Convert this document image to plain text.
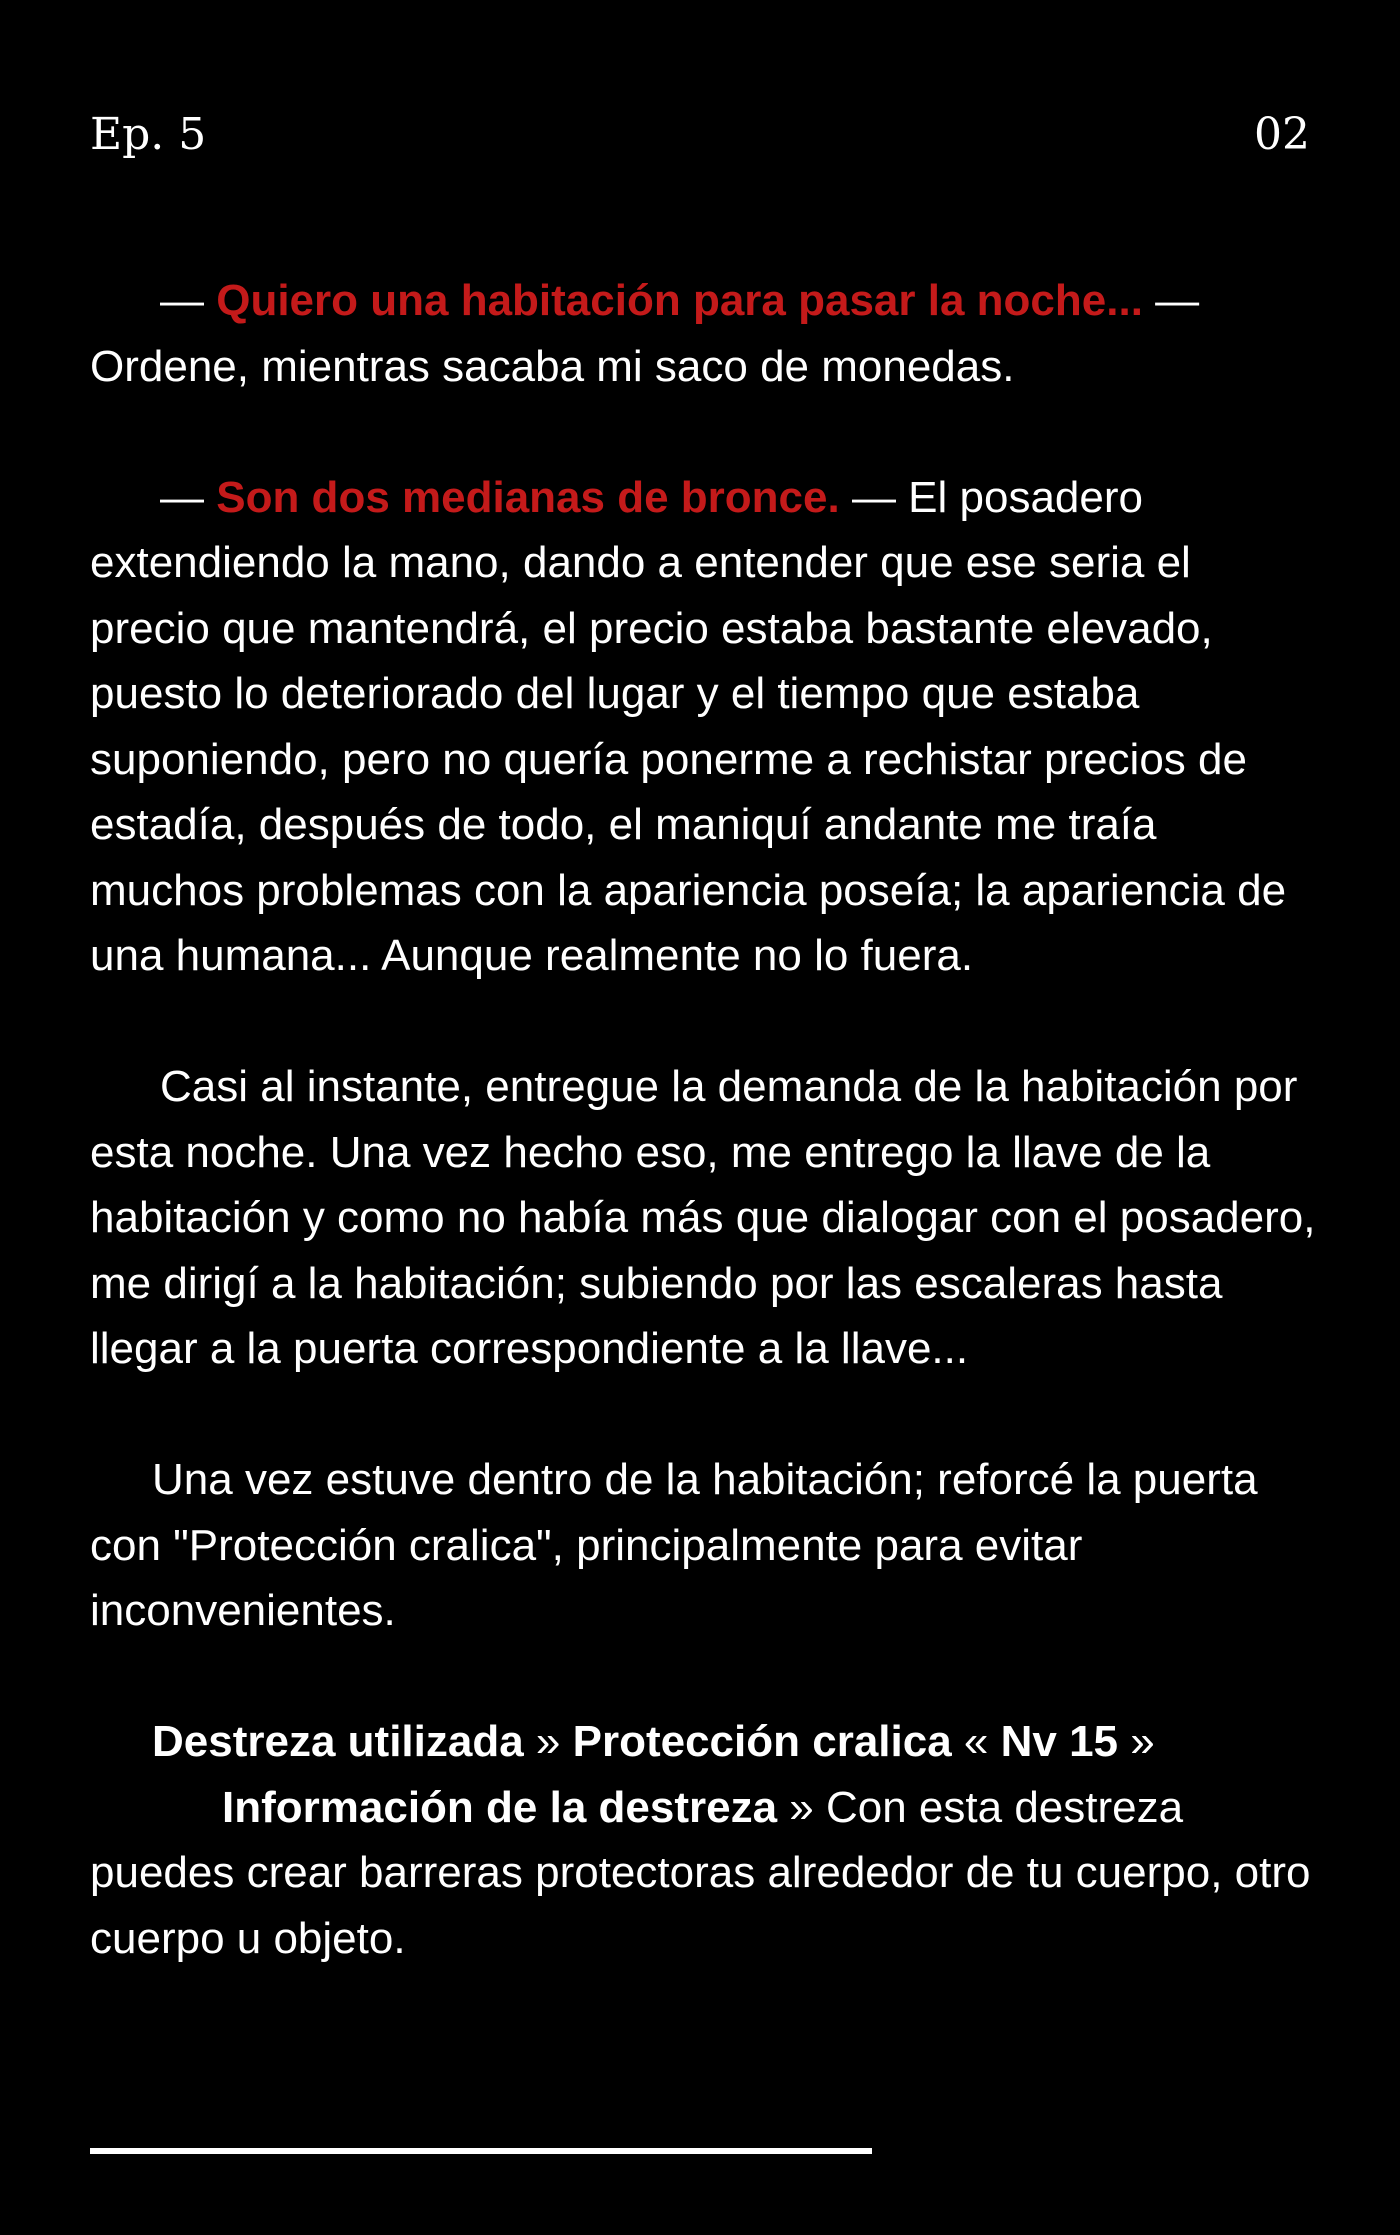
Ep. 5	02

— Quiero una habitación para pasar la noche... — Ordene, mientras sacaba mi saco de monedas.

— Son dos medianas de bronce. — El posadero extendiendo la mano, dando a entender que ese seria el precio que mantendrá, el precio estaba bastante elevado, puesto lo deteriorado del lugar y el tiempo que estaba suponiendo, pero no quería ponerme a rechistar precios de estadía, después de todo, el maniquí andante me traía muchos problemas con la apariencia poseía; la apariencia de una humana... Aunque realmente no lo fuera.

Casi al instante, entregue la demanda de la habitación por esta noche. Una vez hecho eso, me entrego la llave de la habitación y como no había más que dialogar con el posadero, me dirigí a la habitación; subiendo por las escaleras hasta llegar a la puerta correspondiente a la llave...

Una vez estuve dentro de la habitación; reforcé la puerta con "Protección cralica", principalmente para evitar inconvenientes.

Destreza utilizada » Protección cralica « Nv 15 »
Información de la destreza » Con esta destreza puedes crear barreras protectoras alrededor de tu cuerpo, otro cuerpo u objeto.
